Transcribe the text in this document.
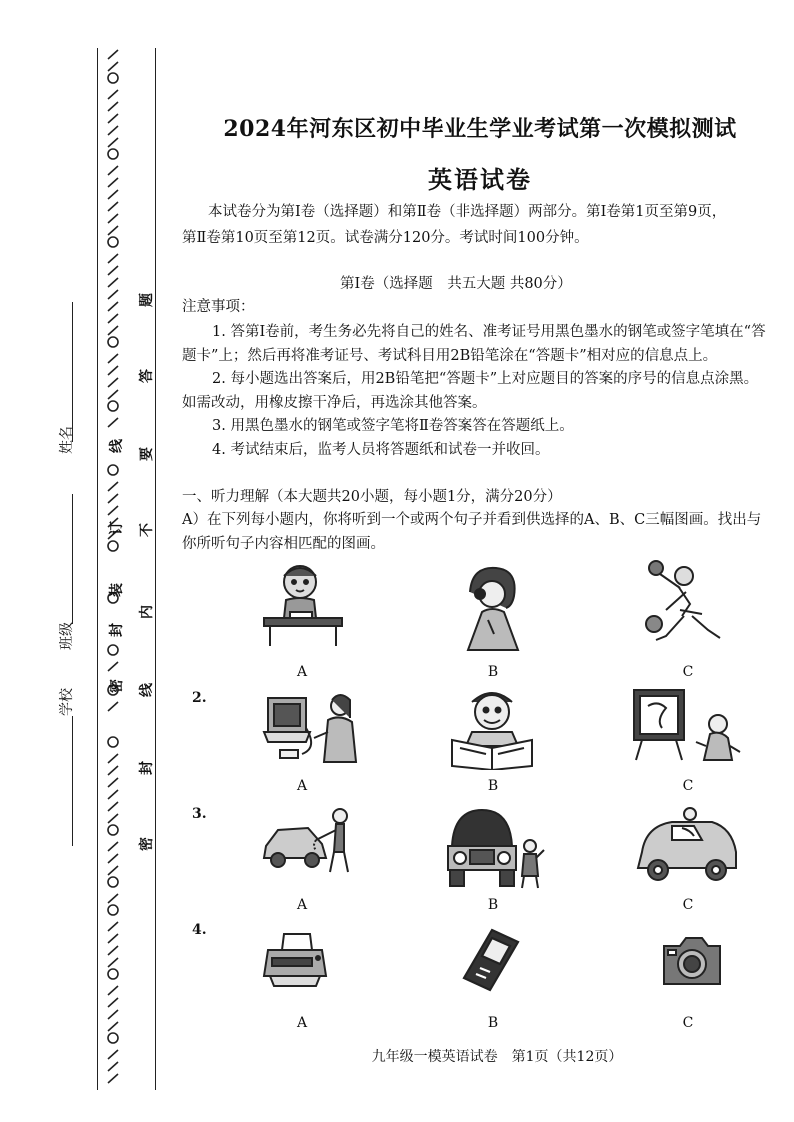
密
封
装
订
线
密
封
线
内
不
要
答
题
姓名
班级
学校
2024年河东区初中毕业生学业考试第一次模拟测试
英语试卷
本试卷分为第Ⅰ卷（选择题）和第Ⅱ卷（非选择题）两部分。第Ⅰ卷第1页至第9页，
第Ⅱ卷第10页至第12页。试卷满分120分。考试时间100分钟。
第Ⅰ卷（选择题　共五大题 共80分）
注意事项：
1. 答第Ⅰ卷前，考生务必先将自己的姓名、准考证号用黑色墨水的钢笔或签字笔填在“答
题卡”上；然后再将准考证号、考试科目用2B铅笔涂在“答题卡”相对应的信息点上。
2. 每小题选出答案后，用2B铅笔把“答题卡”上对应题目的答案的序号的信息点涂黑。
如需改动，用橡皮擦干净后，再选涂其他答案。
3. 用黑色墨水的钢笔或签字笔将Ⅱ卷答案答在答题纸上。
4. 考试结束后，监考人员将答题纸和试卷一并收回。
一、听力理解（本大题共20小题，每小题1分，满分20分）
A）在下列每小题内，你将听到一个或两个句子并看到供选择的A、B、C三幅图画。找出与
你所听句子内容相匹配的图画。
A	B	C
2.
A	B	C
3.
A	B	C
4.
A	B	C
九年级一模英语试卷　第1页（共12页）
